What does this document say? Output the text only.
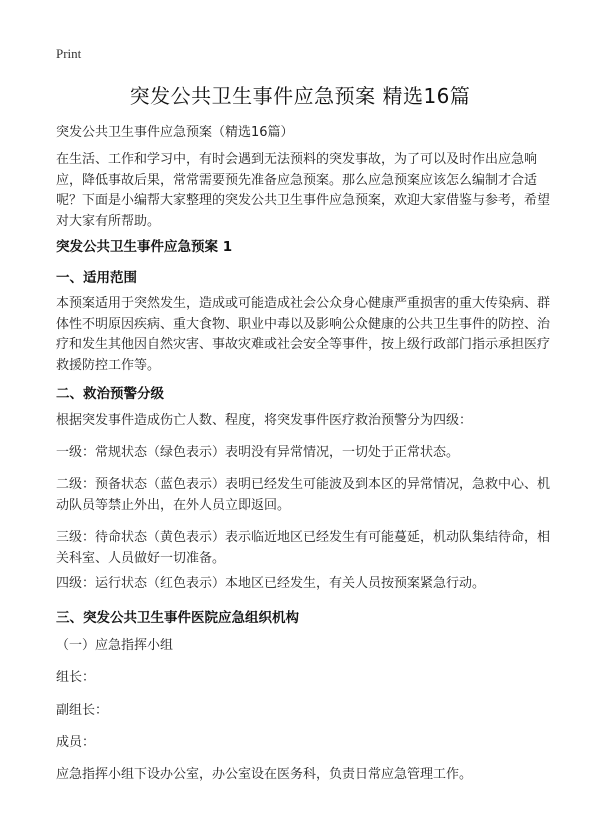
Print
突发公共卫生事件应急预案 精选16篇
突发公共卫生事件应急预案（精选16篇）

在生活、工作和学习中，有时会遇到无法预料的突发事故，为了可以及时作出应急响应，降低事故后果，常常需要预先准备应急预案。那么应急预案应该怎么编制才合适呢？下面是小编帮大家整理的突发公共卫生事件应急预案，欢迎大家借鉴与参考，希望对大家有所帮助。

突发公共卫生事件应急预案 1
一、适用范围

本预案适用于突然发生，造成或可能造成社会公众身心健康严重损害的重大传染病、群体性不明原因疾病、重大食物、职业中毒以及影响公众健康的公共卫生事件的防控、治疗和发生其他因自然灾害、事故灾难或社会安全等事件，按上级行政部门指示承担医疗救援防控工作等。

二、救治预警分级

根据突发事件造成伤亡人数、程度，将突发事件医疗救治预警分为四级：

一级：常规状态（绿色表示）表明没有异常情况，一切处于正常状态。

二级：预备状态（蓝色表示）表明已经发生可能波及到本区的异常情况，急救中心、机动队员等禁止外出，在外人员立即返回。

三级：待命状态（黄色表示）表示临近地区已经发生有可能蔓延，机动队集结待命，相关科室、人员做好一切准备。

四级：运行状态（红色表示）本地区已经发生，有关人员按预案紧急行动。

三、突发公共卫生事件医院应急组织机构

（一）应急指挥小组

组长：

副组长：

成员：

应急指挥小组下设办公室，办公室设在医务科，负责日常应急管理工作。
